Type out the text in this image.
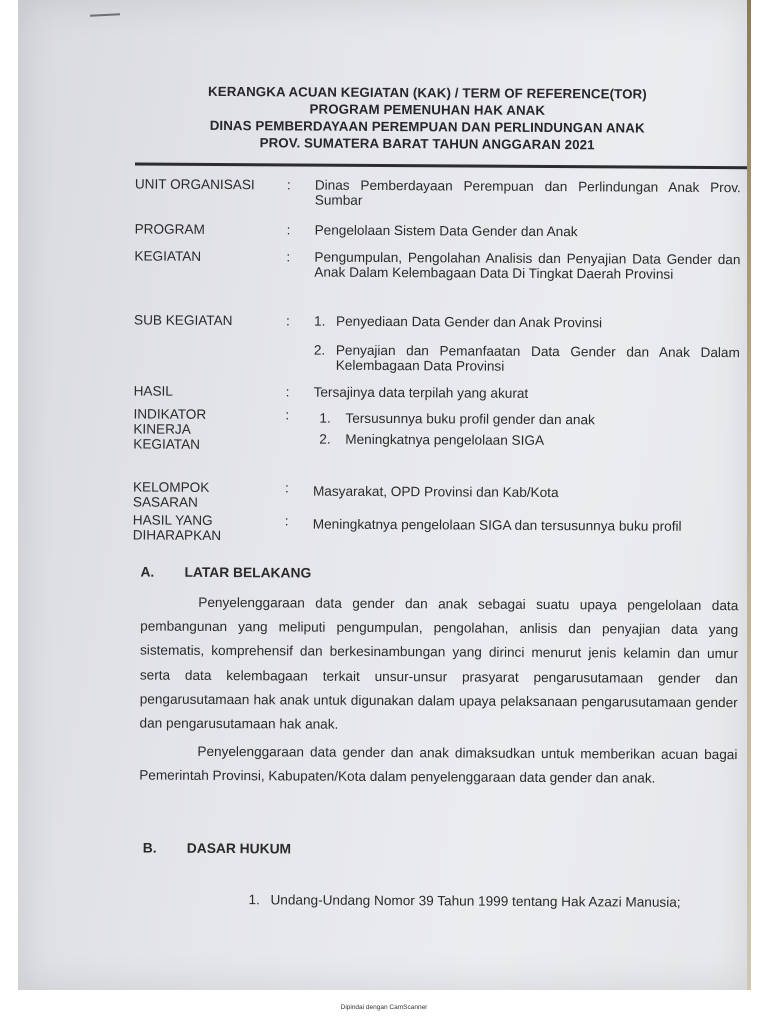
KERANGKA ACUAN KEGIATAN (KAK) / TERM OF REFERENCE(TOR)
PROGRAM PEMENUHAN HAK ANAK
DINAS PEMBERDAYAAN PEREMPUAN DAN PERLINDUNGAN ANAK
PROV. SUMATERA BARAT TAHUN ANGGARAN 2021
UNIT ORGANISASI	: Dinas Pemberdayaan Perempuan dan Perlindungan Anak Prov. Sumbar
PROGRAM	: Pengelolaan Sistem Data Gender dan Anak
KEGIATAN	: Pengumpulan, Pengolahan Analisis dan Penyajian Data Gender dan Anak Dalam Kelembagaan Data Di Tingkat Daerah Provinsi
SUB KEGIATAN	: 1. Penyediaan Data Gender dan Anak Provinsi
2. Penyajian dan Pemanfaatan Data Gender dan Anak Dalam Kelembagaan Data Provinsi
HASIL	: Tersajinya data terpilah yang akurat
INDIKATOR
KINERJA
KEGIATAN
: 1. Tersusunnya buku profil gender dan anak
2. Meningkatnya pengelolaan SIGA
KELOMPOK
SASARAN
: Masyarakat, OPD Provinsi dan Kab/Kota
HASIL YANG
DIHARAPKAN
: Meningkatnya pengelolaan SIGA dan tersusunnya buku profil
A. LATAR BELAKANG
Penyelenggaraan data gender dan anak sebagai suatu upaya pengelolaan data pembangunan yang meliputi pengumpulan, pengolahan, anlisis dan penyajian data yang sistematis, komprehensif dan berkesinambungan yang dirinci menurut jenis kelamin dan umur serta data kelembagaan terkait unsur-unsur prasyarat pengarusutamaan gender dan pengarusutamaan hak anak untuk digunakan dalam upaya pelaksanaan pengarusutamaan gender dan pengarusutamaan hak anak.
Penyelenggaraan data gender dan anak dimaksudkan untuk memberikan acuan bagai Pemerintah Provinsi, Kabupaten/Kota dalam penyelenggaraan data gender dan anak.
B. DASAR HUKUM
1. Undang-Undang Nomor 39 Tahun 1999 tentang Hak Azazi Manusia;
Dipindai dengan CamScanner
